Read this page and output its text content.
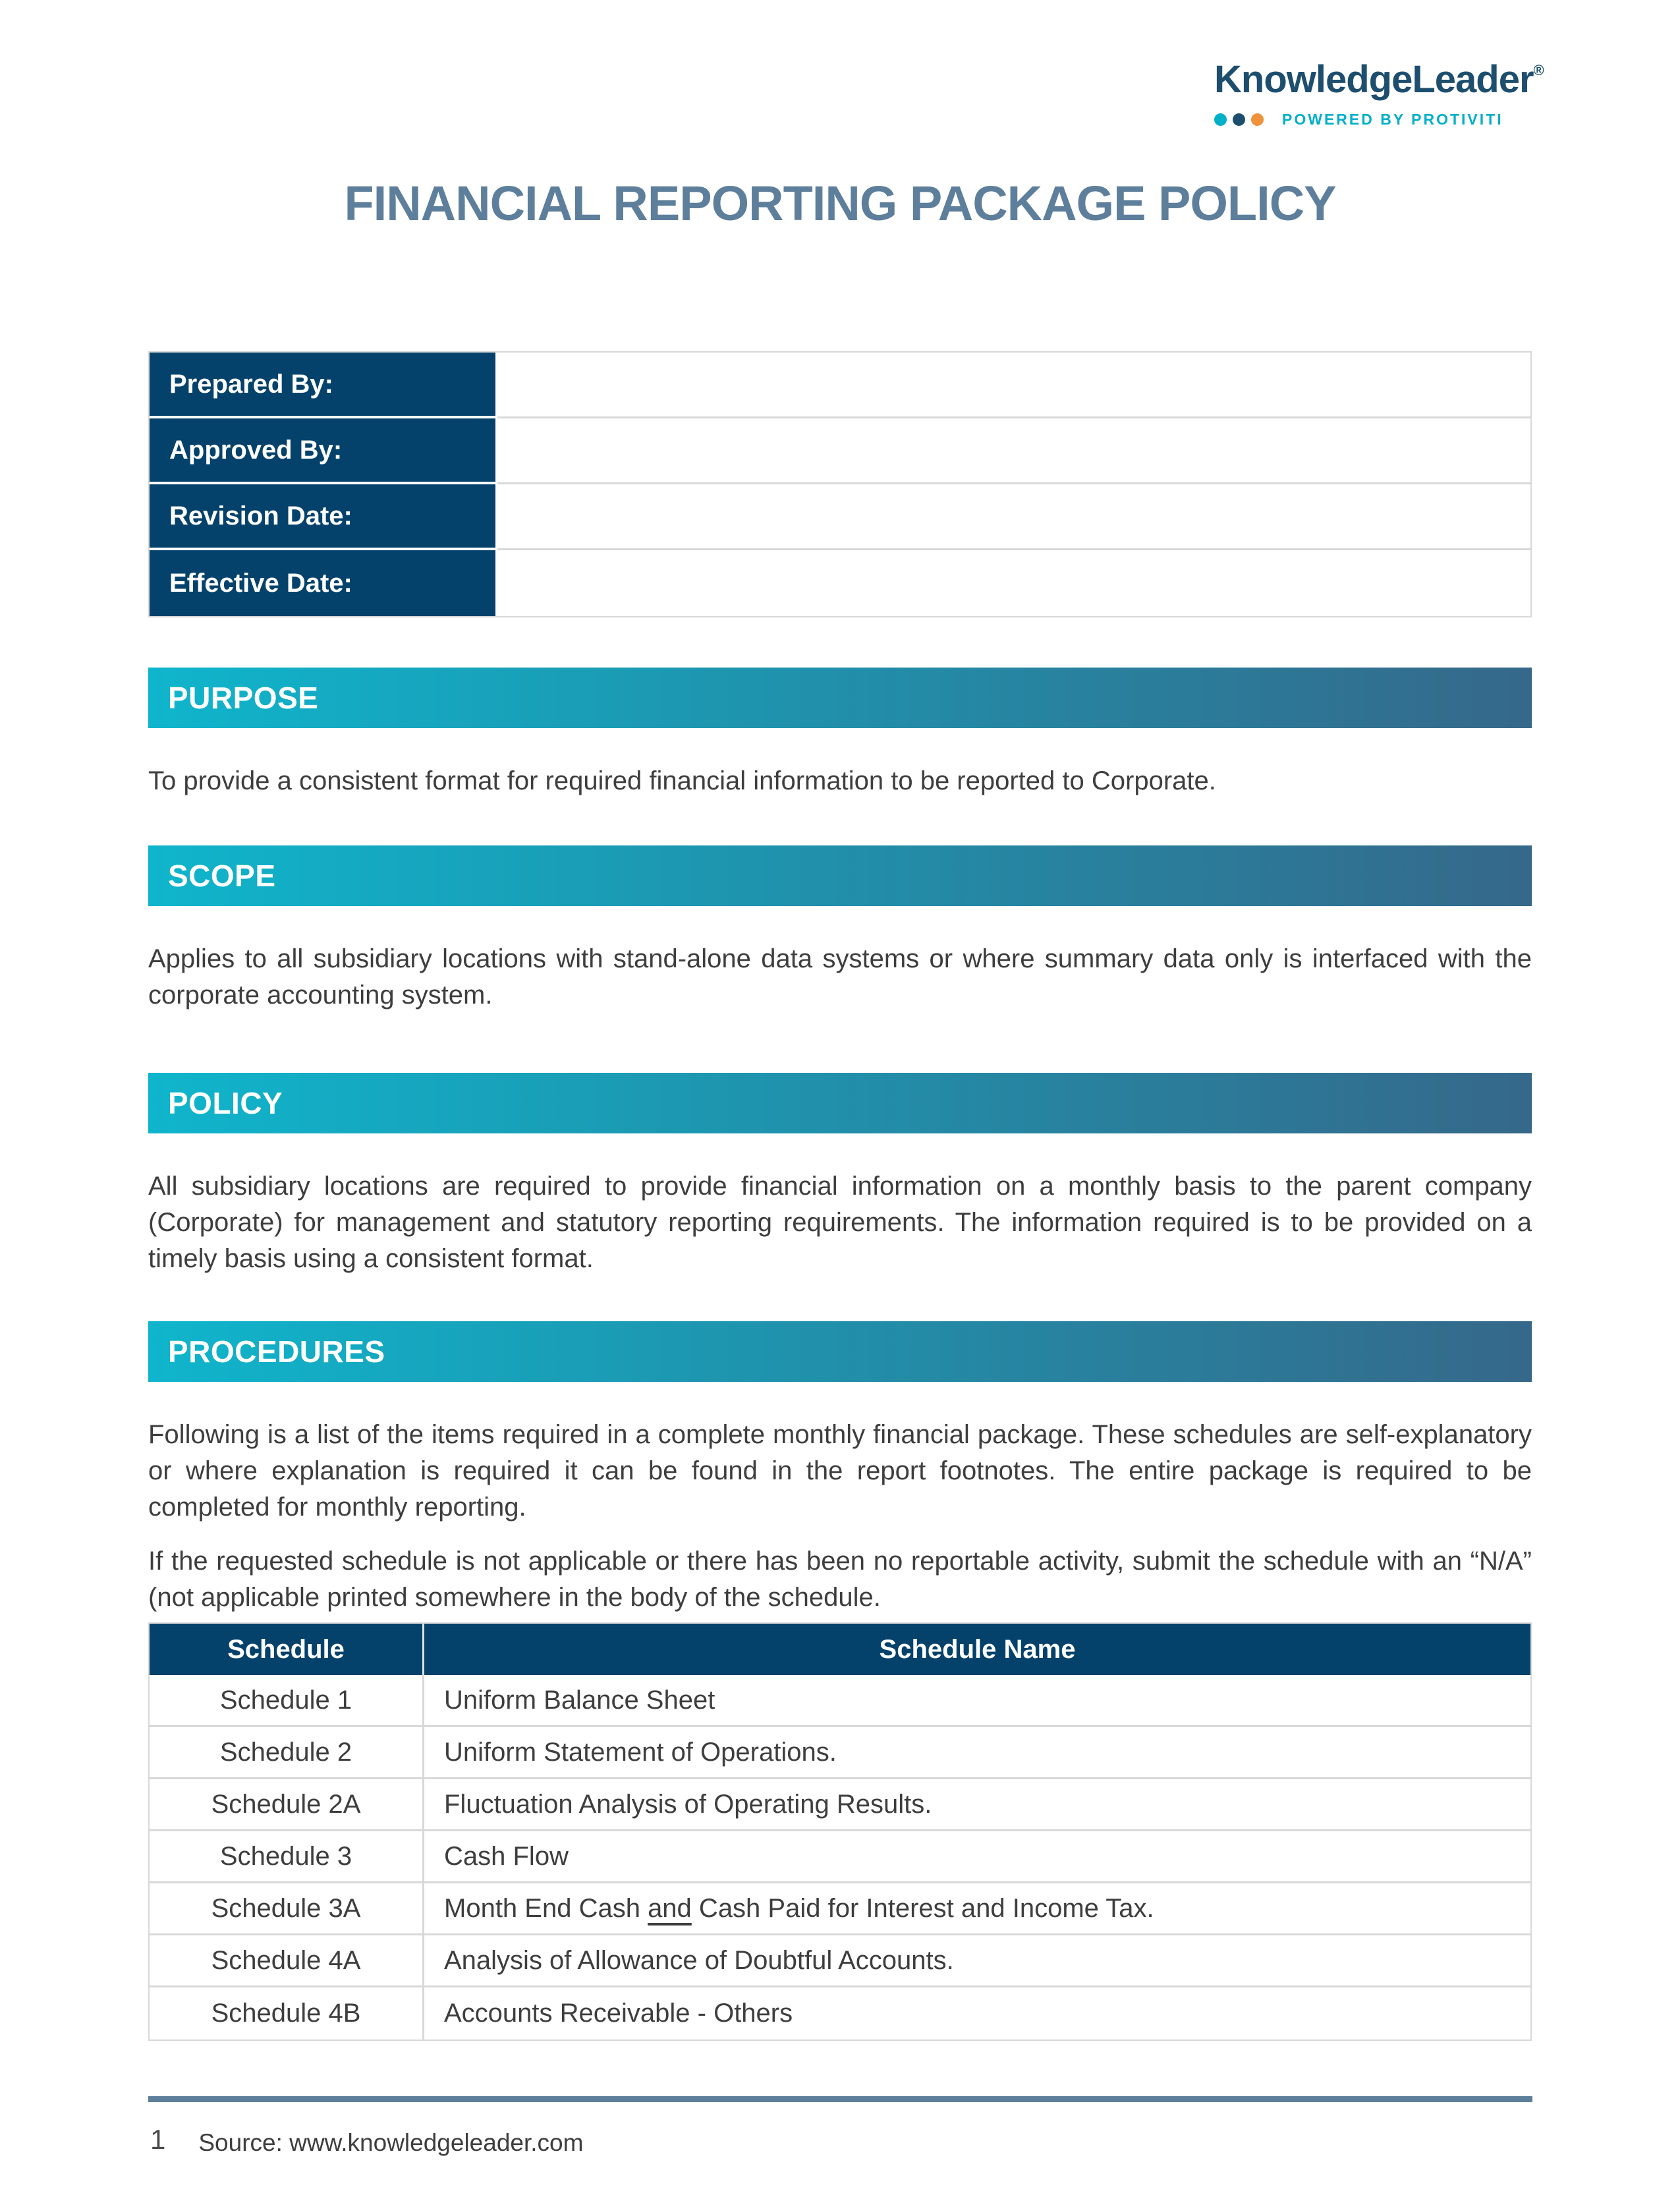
KnowledgeLeader®
POWERED BY PROTIVITI
FINANCIAL REPORTING PACKAGE POLICY
Prepared By:	
Approved By:	
Revision Date:	
Effective Date:	
PURPOSE
To provide a consistent format for required financial information to be reported to Corporate.
SCOPE
Applies to all subsidiary locations with stand-alone data systems or where summary data only is interfaced with the corporate accounting system.
POLICY
All subsidiary locations are required to provide financial information on a monthly basis to the parent company (Corporate) for management and statutory reporting requirements. The information required is to be provided on a timely basis using a consistent format.
PROCEDURES
Following is a list of the items required in a complete monthly financial package. These schedules are self-explanatory or where explanation is required it can be found in the report footnotes. The entire package is required to be completed for monthly reporting.
If the requested schedule is not applicable or there has been no reportable activity, submit the schedule with an “N/A” (not applicable printed somewhere in the body of the schedule.
Schedule	Schedule Name
Schedule 1	Uniform Balance Sheet
Schedule 2	Uniform Statement of Operations.
Schedule 2A	Fluctuation Analysis of Operating Results.
Schedule 3	Cash Flow
Schedule 3A	Month End Cash and Cash Paid for Interest and Income Tax.
Schedule 4A	Analysis of Allowance of Doubtful Accounts.
Schedule 4B	Accounts Receivable - Others
1 Source: www.knowledgeleader.com
